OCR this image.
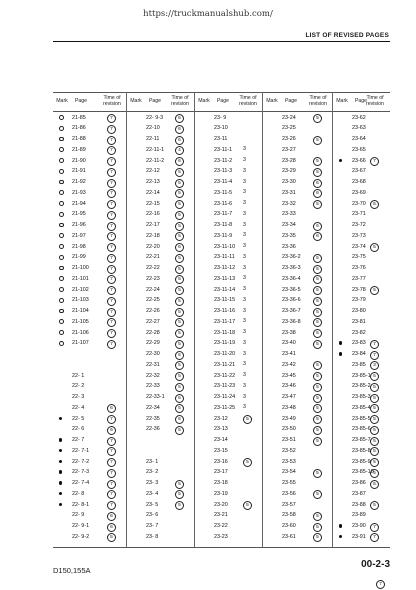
https://truckmanualshub.com/
LIST OF REVISED PAGES
Mark	Page	Time of revision
21-85	7
21-86	7
21-88	7
21-89	7
21-90	7
21-91	7
21-92	7
21-93	7
21-94	7
21-95	7
21-96	7
21-97	7
21-98	7
21-99	7
21-100	7
21-101	7
21-102	7
21-103	7
21-104	7
21-105	7
21-106	7
21-107	7
22- 1
22- 2
22- 3
22- 4	6
22- 5	7
22- 6	6
22- 7	7
22- 7-1	7
22- 7-2	7
22- 7-3	7
22- 7-4	7
22- 8	7
22- 8-1	7
22- 9	6
22- 9-1	6
22- 9-2	5
Mark	Page	Time of revision
22- 9-3	6
22-10	6
22-11	6
22-11-1	4
22-11-2	6
22-12	5
22-13	5
22-14	5
22-15	5
22-16	5
22-17	5
22-18	5
22-20	6
22-21	5
22-22	5
22-23	5
22-24	5
22-25	5
22-26	5
22-27	5
22-28	5
22-29	5
22-30	6
22-31	5
22-32	5
22-33	5
22-33-1	6
22-34	5
22-35	6
22-36	5
23- 1
23- 2
23- 3	5
23- 4	5
23- 5	5
23- 6
23- 7
23- 8
Mark	Page	Time of revision
23- 9
23-10
23-11
23-11-1 3
23-11-2 3
23-11-3 3
23-11-4 3
23-11-5 3
23-11-6 3
23-11-7 3
23-11-8 3
23-11-9 3
23-11-10 3
23-11-11 3
23-11-12 3
23-11-13 3
23-11-14 3
23-11-15 3
23-11-16 3
23-11-17 3
23-11-18 3
23-11-19 3
23-11-20 3
23-11-21 3
23-11-22 3
23-11-23 3
23-11-24 3
23-11-25 3
23-12	5
23-13
23-14
23-15
23-16	5
23-17
23-18
23-19
23-20	5
23-21
23-22
23-23
Mark	Page	Time of revision
23-24	5
23-25
23-26	5
23-27
23-28	5
23-29	5
23-30	6
23-31	6
23-32	5
23-33
23-34	6
23-35	6
23-36
23-36-2	5
23-36-3	5
23-36-4	5
23-36-5	5
23-36-6	5
23-36-7	5
23-36-8	5
23-38	5
23-40	5
23-41
23-42	5
23-45	5
23-46	5
23-47	5
23-48	5
23-49	5
23-50	5
23-51	5
23-52
23-53
23-54	5
23-55
23-56	5
23-57
23-58	5
23-60	5
23-61	5
Mark	Page Time of revision
23-62
23-63
23-64
23-65
23-66	7
23-67
23-68
23-69
23-70	5
23-71
23-72
23-73
23-74	5
23-75
23-76
23-77
23-78	5
23-79
23-80
23-81
23-82
23-83	7
23-84	7
23-85	3
23-85-1 5
23-85-2 5
23-85-3 5
23-85-4 5
23-85-5 5
23-85-6 5
23-85-7 5
23-85-8 5
23-85-9 5
23-85-10 5
23-86	5
23-87
23-88	5
23-89
23-90	7
23-91	7
D150,155A
00-2-3
7
